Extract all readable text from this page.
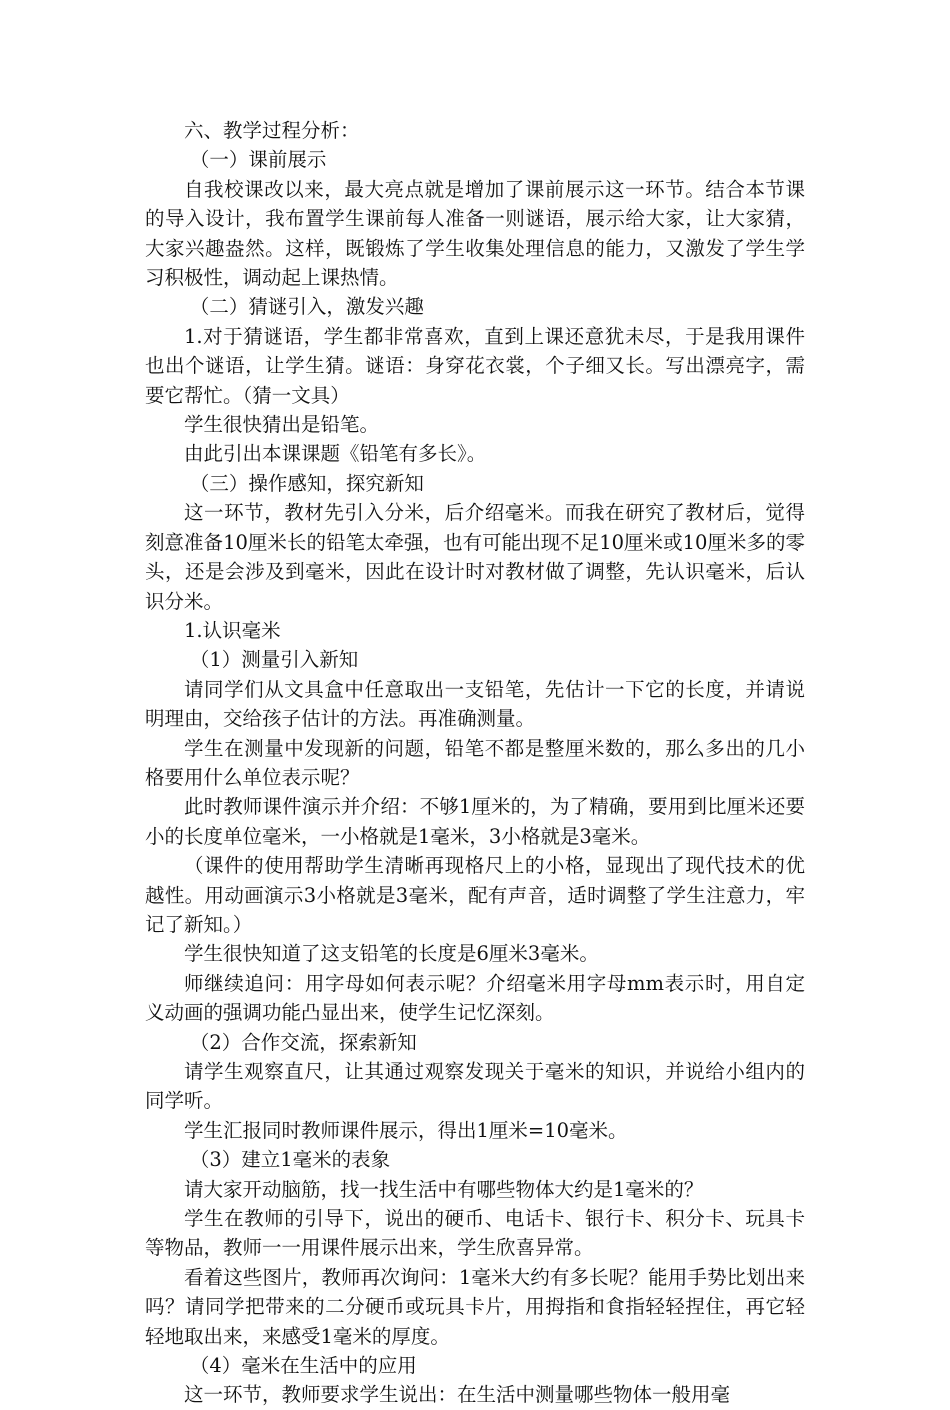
六、教学过程分析：

（一）课前展示

自我校课改以来，最大亮点就是增加了课前展示这一环节。结合本节课的导入设计，我布置学生课前每人准备一则谜语，展示给大家，让大家猜，大家兴趣盎然。这样，既锻炼了学生收集处理信息的能力，又激发了学生学习积极性，调动起上课热情。

（二）猜谜引入，激发兴趣

1.对于猜谜语，学生都非常喜欢，直到上课还意犹未尽，于是我用课件也出个谜语，让学生猜。谜语：身穿花衣裳，个子细又长。写出漂亮字，需要它帮忙。（猜一文具）

学生很快猜出是铅笔。

由此引出本课课题《铅笔有多长》。

（三）操作感知，探究新知

这一环节，教材先引入分米，后介绍毫米。而我在研究了教材后，觉得刻意准备10厘米长的铅笔太牵强，也有可能出现不足10厘米或10厘米多的零头，还是会涉及到毫米，因此在设计时对教材做了调整，先认识毫米，后认识分米。

1.认识毫米

（1）测量引入新知

请同学们从文具盒中任意取出一支铅笔，先估计一下它的长度，并请说明理由，交给孩子估计的方法。再准确测量。

学生在测量中发现新的问题，铅笔不都是整厘米数的，那么多出的几小格要用什么单位表示呢？

此时教师课件演示并介绍：不够1厘米的，为了精确，要用到比厘米还要小的长度单位毫米，一小格就是1毫米，3小格就是3毫米。

（课件的使用帮助学生清晰再现格尺上的小格，显现出了现代技术的优越性。用动画演示3小格就是3毫米，配有声音，适时调整了学生注意力，牢记了新知。）

学生很快知道了这支铅笔的长度是6厘米3毫米。

师继续追问：用字母如何表示呢？介绍毫米用字母mm表示时，用自定义动画的强调功能凸显出来，使学生记忆深刻。

（2）合作交流，探索新知

请学生观察直尺，让其通过观察发现关于毫米的知识，并说给小组内的同学听。

学生汇报同时教师课件展示，得出1厘米=10毫米。

（3）建立1毫米的表象

请大家开动脑筋，找一找生活中有哪些物体大约是1毫米的？

学生在教师的引导下，说出的硬币、电话卡、银行卡、积分卡、玩具卡等物品，教师一一用课件展示出来，学生欣喜异常。

看着这些图片，教师再次询问：1毫米大约有多长呢？能用手势比划出来吗？请同学把带来的二分硬币或玩具卡片，用拇指和食指轻轻捏住，再它轻轻地取出来，来感受1毫米的厚度。

（4）毫米在生活中的应用

这一环节，教师要求学生说出：在生活中测量哪些物体一般用毫
